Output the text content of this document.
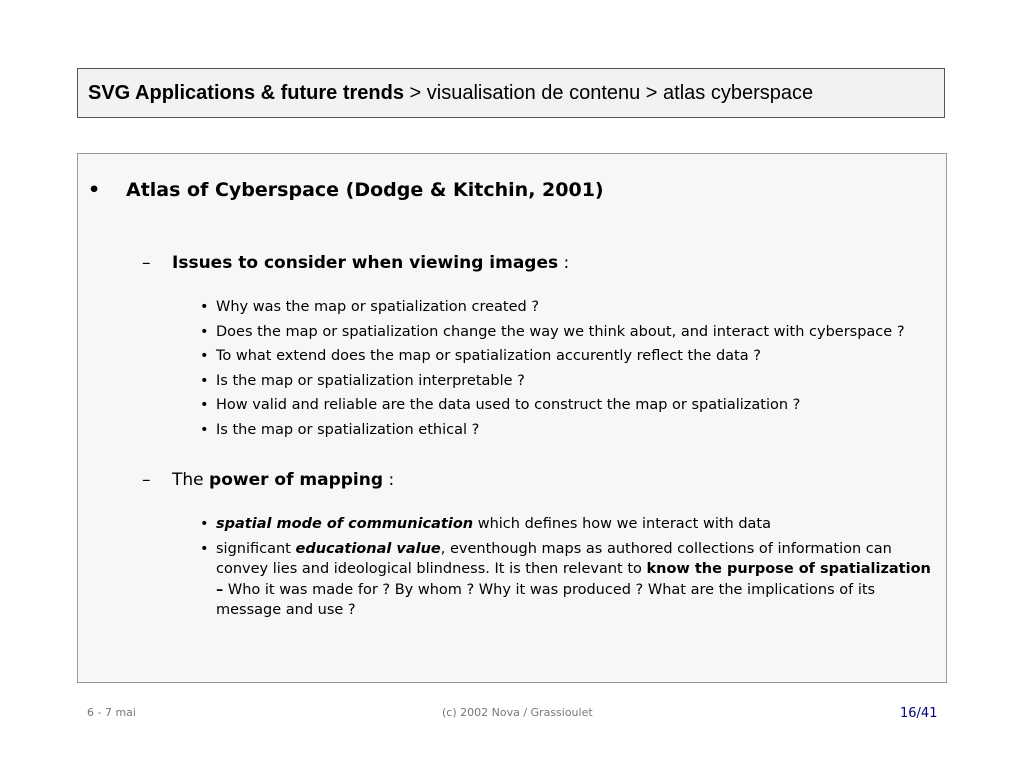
SVG Applications & future trends > visualisation de contenu > atlas cyberspace
• Atlas of Cyberspace (Dodge & Kitchin, 2001)
– Issues to consider when viewing images :
• Why was the map or spatialization created ?
• Does the map or spatialization change the way we think about, and interact with cyberspace ?
• To what extend does the map or spatialization accurently reflect the data ?
• Is the map or spatialization interpretable ?
• How valid and reliable are the data used to construct the map or spatialization ?
• Is the map or spatialization ethical ?
– The power of mapping :
• spatial mode of communication which defines how we interact with data
• significant educational value, eventhough maps as authored collections of information can convey lies and ideological blindness. It is then relevant to know the purpose of spatialization – Who it was made for ? By whom ? Why it was produced ? What are the implications of its message and use ?
6 - 7 mai	(c) 2002 Nova / Grassioulet	16/41
